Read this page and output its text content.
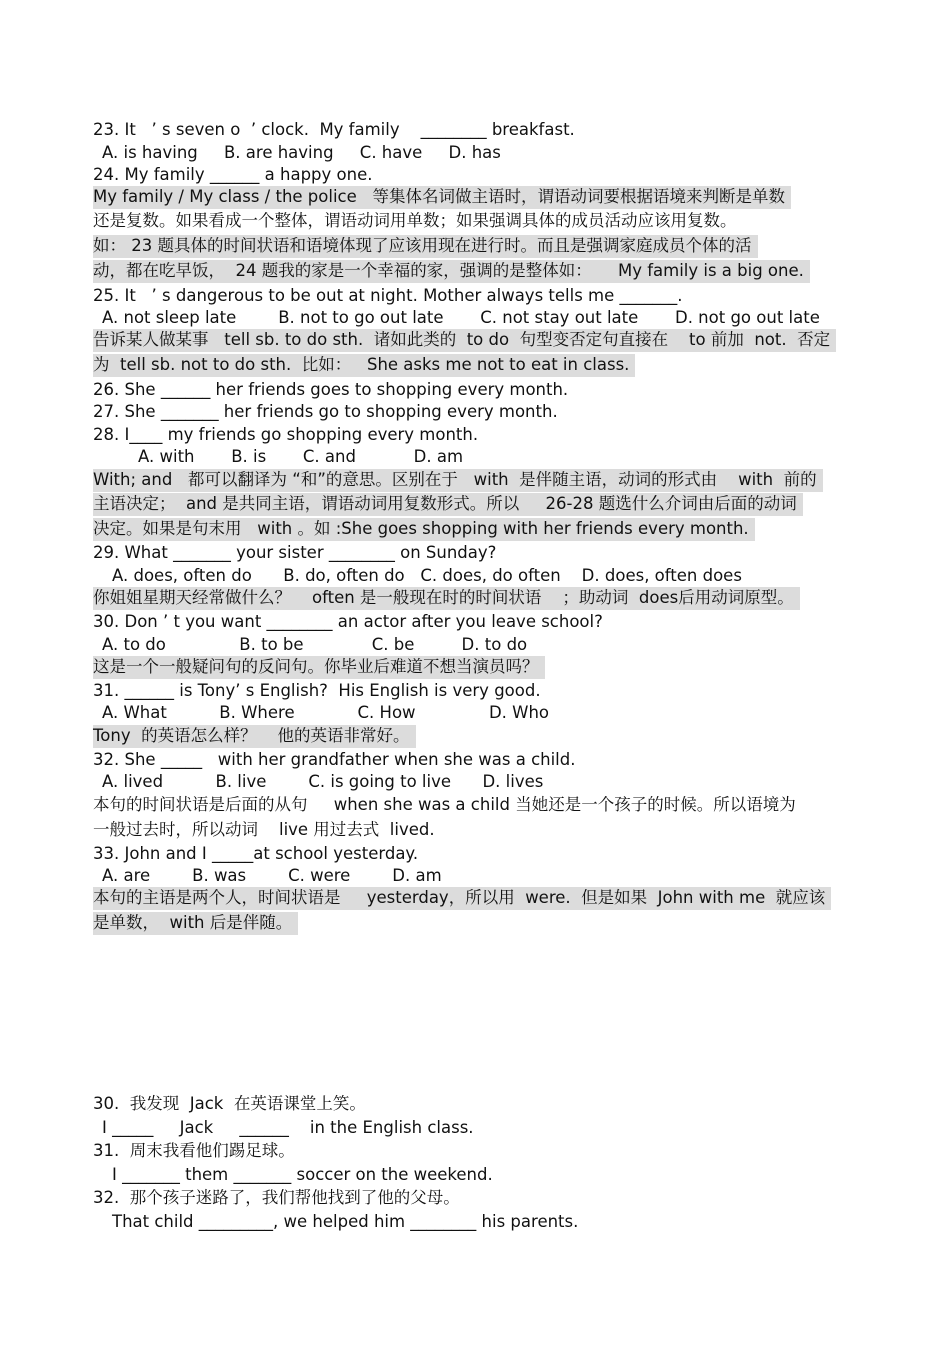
23. It   ’ s seven o  ’ clock.  My family    ________ breakfast.
A. is having     B. are having     C. have     D. has
24. My family ______ a happy one.
My family / My class / the police   等集体名词做主语时，谓语动词要根据语境来判断是单数
还是复数。如果看成一个整体，谓语动词用单数；如果强调具体的成员活动应该用复数。
如： 23 题具体的时间状语和语境体现了应该用现在进行时。而且是强调家庭成员个体的活
动，都在吃早饭，  24 题我的家是一个幸福的家，强调的是整体如：     My family is a big one.
25. It   ’ s dangerous to be out at night. Mother always tells me _______.
A. not sleep late        B. not to go out late       C. not stay out late       D. not go out late
告诉某人做某事   tell sb. to do sth.  诸如此类的  to do  句型变否定句直接在    to 前加  not.  否定
为  tell sb. not to do sth.  比如：   She asks me not to eat in class.
26. She ______ her friends goes to shopping every month.
27. She _______ her friends go to shopping every month.
28. I____ my friends go shopping every month.
A. with       B. is       C. and           D. am
With; and   都可以翻译为 “和”的意思。区别在于   with  是伴随主语，动词的形式由    with  前的
主语决定；  and 是共同主语，谓语动词用复数形式。所以     26-28 题选什么介词由后面的动词
决定。如果是句末用   with 。如 :She goes shopping with her friends every month.
29. What _______ your sister ________ on Sunday?
A. does, often do      B. do, often do   C. does, do often    D. does, often does
你姐姐星期天经常做什么？    often 是一般现在时的时间状语    ；助动词  does后用动词原型。
30. Don ’ t you want ________ an actor after you leave school?
A. to do              B. to be             C. be         D. to do
这是一个一般疑问句的反问句。你毕业后难道不想当演员吗？
31. ______ is Tony’ s English?  His English is very good.
A. What          B. Where            C. How              D. Who
Tony  的英语怎么样？    他的英语非常好。
32. She _____   with her grandfather when she was a child.
A. lived          B. live        C. is going to live      D. lives
本句的时间状语是后面的从句     when she was a child 当她还是一个孩子的时候。所以语境为
一般过去时，所以动词    live 用过去式  lived.
33. John and I _____at school yesterday.
A. are        B. was        C. were        D. am
本句的主语是两个人，时间状语是     yesterday，所以用  were.  但是如果  John with me  就应该
是单数，  with 后是伴随。
30.  我发现  Jack  在英语课堂上笑。
I _____     Jack     ______    in the English class.
31.  周末我看他们踢足球。
I _______ them _______ soccer on the weekend.
32.  那个孩子迷路了，我们帮他找到了他的父母。
That child _________, we helped him ________ his parents.
